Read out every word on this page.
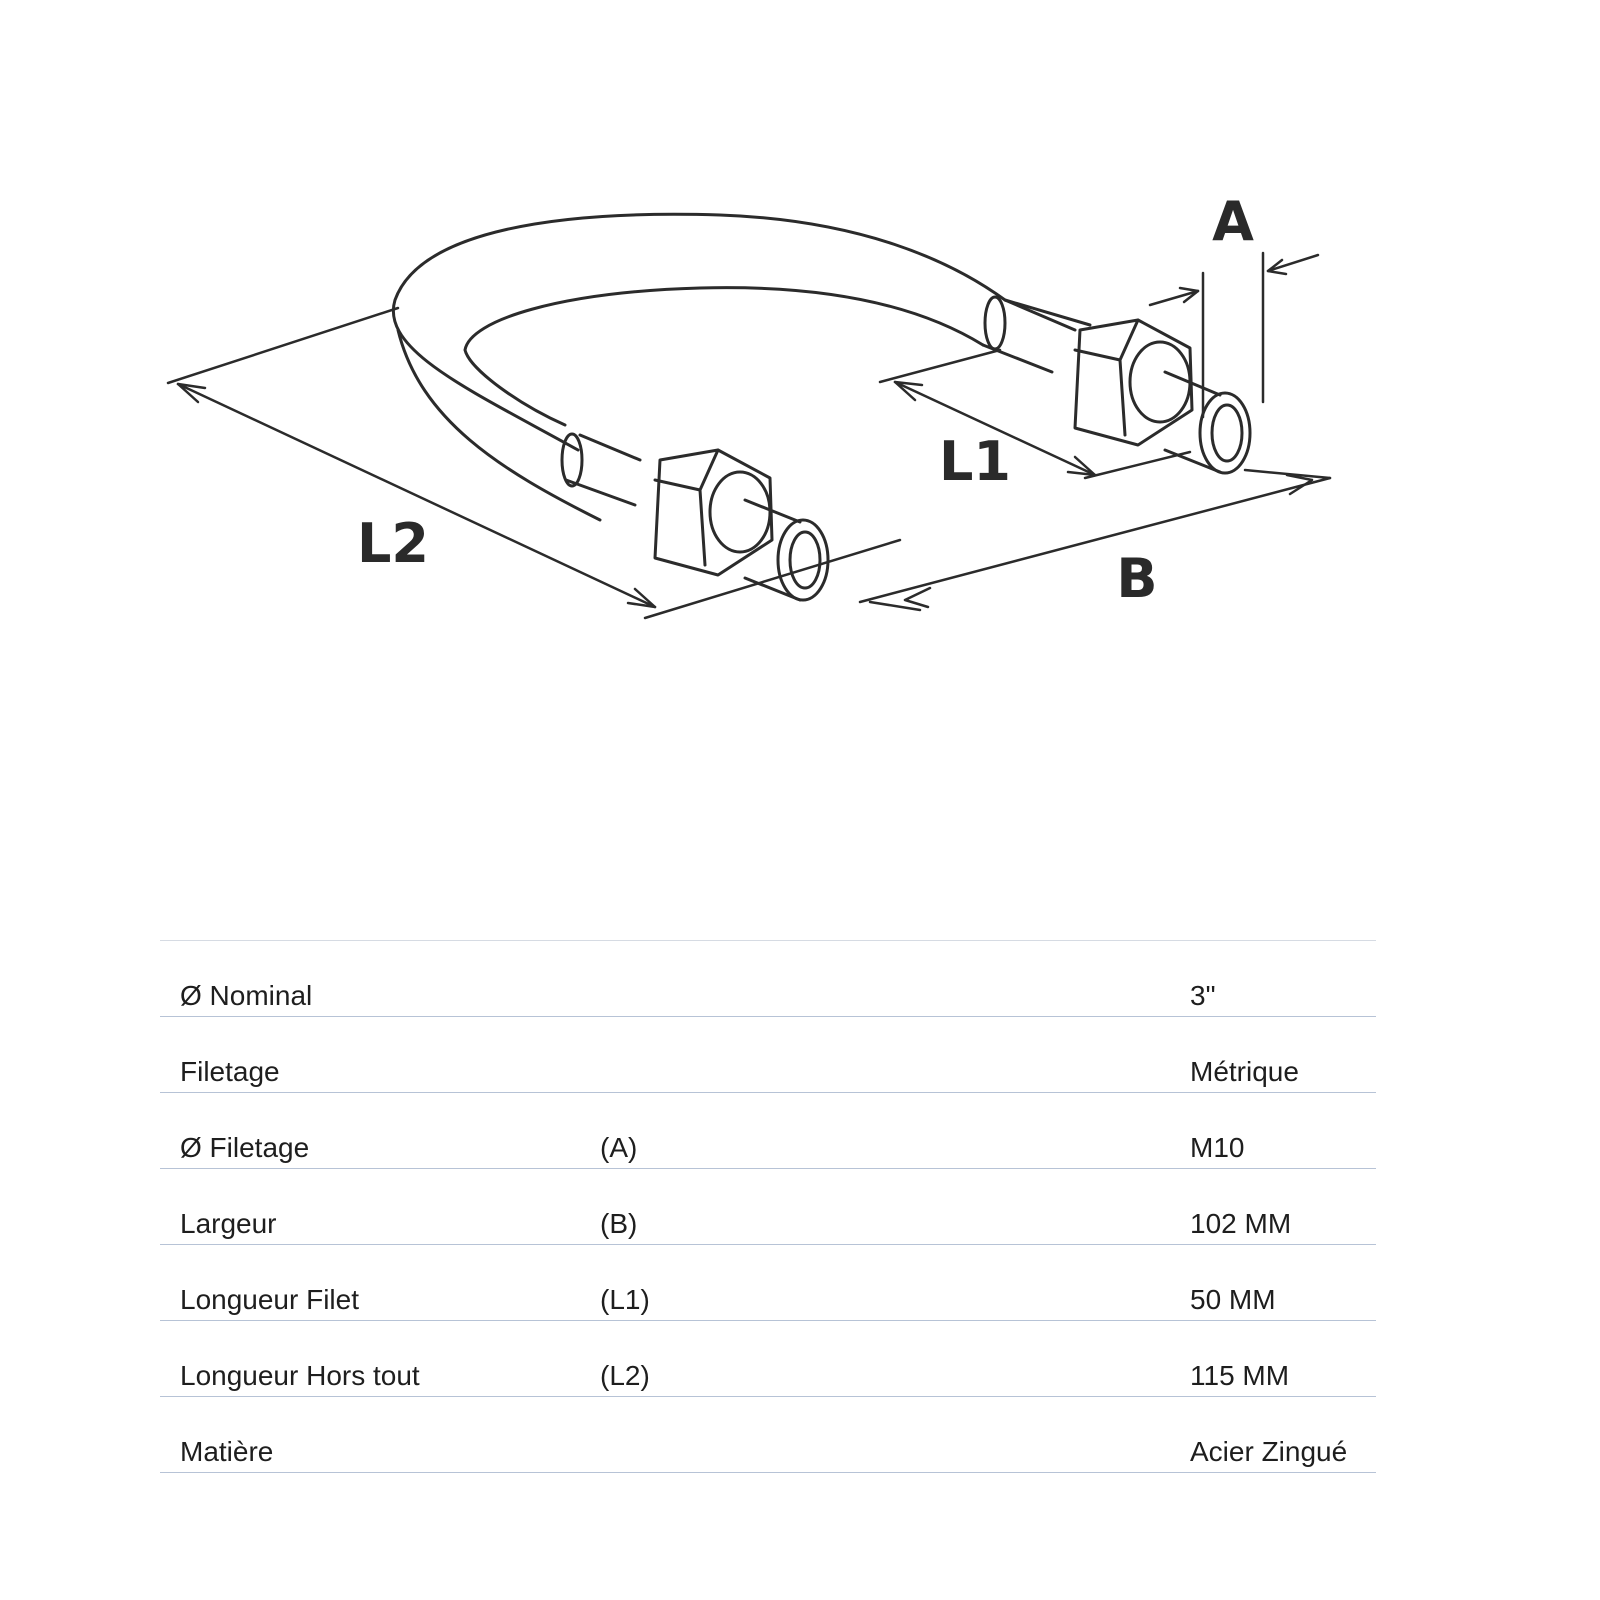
A
B
L1
L2
Ø Nominal		3"
Filetage		Métrique
Ø Filetage	(A)	M10
Largeur	(B)	102 MM
Longueur Filet	(L1)	50 MM
Longueur Hors tout	(L2)	115 MM
Matière		Acier Zingué
